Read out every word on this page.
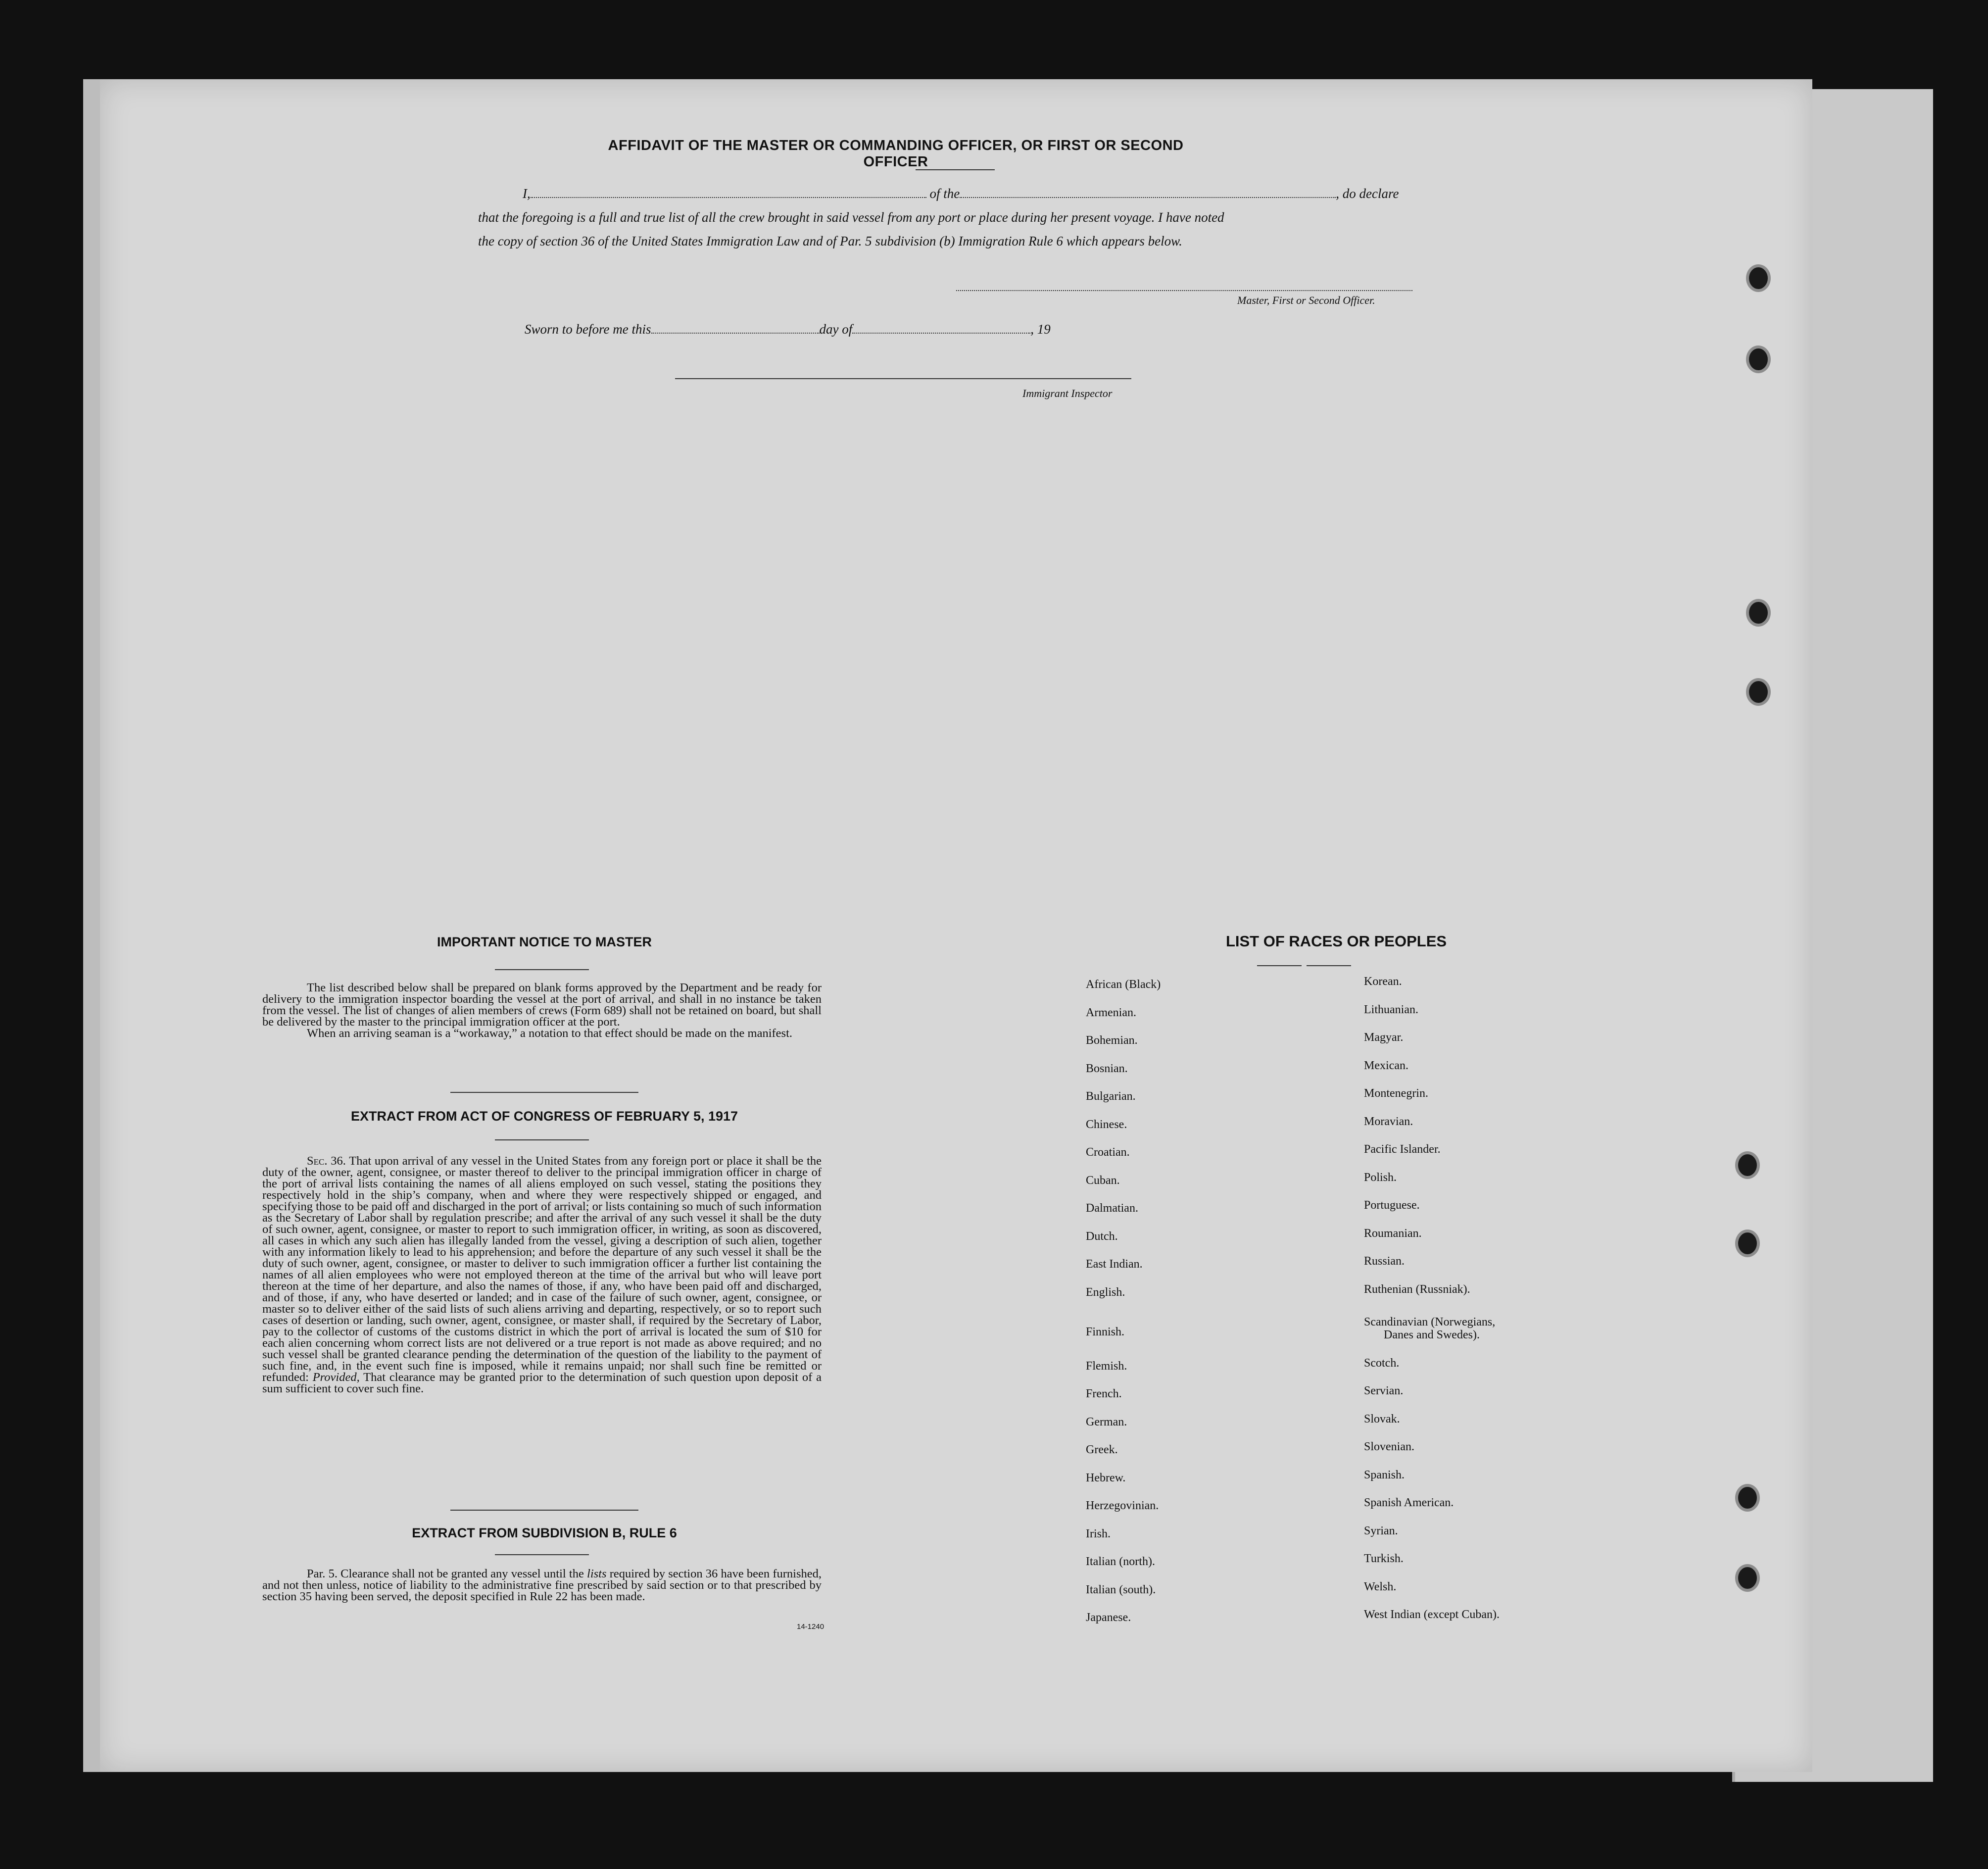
AFFIDAVIT OF THE MASTER OR COMMANDING OFFICER, OR FIRST OR SECOND OFFICER
I,	of the	, do declare
that the foregoing is a full and true list of all the crew brought in said vessel from any port or place during her present voyage. I have noted
the copy of section 36 of the United States Immigration Law and of Par. 5 subdivision (b) Immigration Rule 6 which appears below.
Master, First or Second Officer.
Sworn to before me this	day of	, 19
Immigrant Inspector
IMPORTANT NOTICE TO MASTER
The list described below shall be prepared on blank forms approved by the Department and be ready for delivery to the immigration inspector boarding the vessel at the port of arrival, and shall in no instance be taken from the vessel. The list of changes of alien members of crews (Form 689) shall not be retained on board, but shall be delivered by the master to the principal immigration officer at the port.
When an arriving seaman is a “workaway,” a notation to that effect should be made on the manifest.
EXTRACT FROM ACT OF CONGRESS OF FEBRUARY 5, 1917
Sec. 36. That upon arrival of any vessel in the United States from any foreign port or place it shall be the duty of the owner, agent, consignee, or master thereof to deliver to the principal immigration officer in charge of the port of arrival lists containing the names of all aliens employed on such vessel, stating the positions they respectively hold in the ship’s company, when and where they were respectively shipped or engaged, and specifying those to be paid off and discharged in the port of arrival; or lists containing so much of such information as the Secretary of Labor shall by regulation prescribe; and after the arrival of any such vessel it shall be the duty of such owner, agent, consignee, or master to report to such immigration officer, in writing, as soon as discovered, all cases in which any such alien has illegally landed from the vessel, giving a description of such alien, together with any information likely to lead to his apprehension; and before the departure of any such vessel it shall be the duty of such owner, agent, consignee, or master to deliver to such immigration officer a further list containing the names of all alien employees who were not employed thereon at the time of the arrival but who will leave port thereon at the time of her departure, and also the names of those, if any, who have been paid off and discharged, and of those, if any, who have deserted or landed; and in case of the failure of such owner, agent, consignee, or master so to deliver either of the said lists of such aliens arriving and departing, respectively, or so to report such cases of desertion or landing, such owner, agent, consignee, or master shall, if required by the Secretary of Labor, pay to the collector of customs of the customs district in which the port of arrival is located the sum of $10 for each alien concerning whom correct lists are not delivered or a true report is not made as above required; and no such vessel shall be granted clearance pending the determination of the question of the liability to the payment of such fine, and, in the event such fine is imposed, while it remains unpaid; nor shall such fine be remitted or refunded: Provided, That clearance may be granted prior to the determination of such question upon deposit of a sum sufficient to cover such fine.
EXTRACT FROM SUBDIVISION B, RULE 6
Par. 5. Clearance shall not be granted any vessel until the lists required by section 36 have been furnished, and not then unless, notice of liability to the administrative fine prescribed by said section or to that prescribed by section 35 having been served, the deposit specified in Rule 22 has been made.
14-1240
LIST OF RACES OR PEOPLES
African (Black)
Armenian.
Bohemian.
Bosnian.
Bulgarian.
Chinese.
Croatian.
Cuban.
Dalmatian.
Dutch.
East Indian.
English.
Finnish.
Flemish.
French.
German.
Greek.
Hebrew.
Herzegovinian.
Irish.
Italian (north).
Italian (south).
Japanese.
Korean.
Lithuanian.
Magyar.
Mexican.
Montenegrin.
Moravian.
Pacific Islander.
Polish.
Portuguese.
Roumanian.
Russian.
Ruthenian (Russniak).
Scandinavian (Norwegians,
Danes and Swedes).
Scotch.
Servian.
Slovak.
Slovenian.
Spanish.
Spanish American.
Syrian.
Turkish.
Welsh.
West Indian (except Cuban).
